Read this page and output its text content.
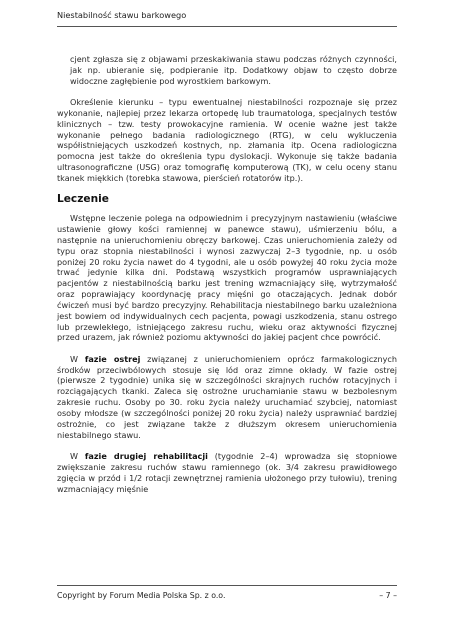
Niestabilność stawu barkowego

cjent zgłasza się z objawami przeskakiwania stawu podczas różnych czynności, jak np. ubieranie się, podpieranie itp. Dodatkowy objaw to często dobrze widoczne zagłębienie pod wyrostkiem barkowym.

Określenie kierunku – typu ewentualnej niestabilności rozpoznaje się przez wykonanie, najlepiej przez lekarza ortopedę lub traumatologa, specjalnych testów klinicznych – tzw. testy prowokacyjne ramienia. W ocenie ważne jest także wykonanie pełnego badania radiologicznego (RTG), w celu wykluczenia współistniejących uszkodzeń kostnych, np. złamania itp. Ocena radiologiczna pomocna jest także do określenia typu dyslokacji. Wykonuje się także badania ultrasonograficzne (USG) oraz tomografię komputerową (TK), w celu oceny stanu tkanek miękkich (torebka stawowa, pierścień rotatorów itp.).

Leczenie

Wstępne leczenie polega na odpowiednim i precyzyjnym nastawieniu (właściwe ustawienie głowy kości ramiennej w panewce stawu), uśmierzeniu bólu, a następnie na unieruchomieniu obręczy barkowej. Czas unieruchomienia zależy od typu oraz stopnia niestabilności i wynosi zazwyczaj 2–3 tygodnie, np. u osób poniżej 20 roku życia nawet do 4 tygodni, ale u osób powyżej 40 roku życia może trwać jedynie kilka dni. Podstawą wszystkich programów usprawniających pacjentów z niestabilnością barku jest trening wzmacniający siłę, wytrzymałość oraz poprawiający koordynację pracy mięśni go otaczających. Jednak dobór ćwiczeń musi być bardzo precyzyjny. Rehabilitacja niestabilnego barku uzależniona jest bowiem od indywidualnych cech pacjenta, powagi uszkodzenia, stanu ostrego lub przewlekłego, istniejącego zakresu ruchu, wieku oraz aktywności fizycznej przed urazem, jak również poziomu aktywności do jakiej pacjent chce powrócić.

W fazie ostrej związanej z unieruchomieniem oprócz farmakologicznych środków przeciwbólowych stosuje się lód oraz zimne okłady. W fazie ostrej (pierwsze 2 tygodnie) unika się w szczególności skrajnych ruchów rotacyjnych i rozciągających tkanki. Zaleca się ostrożne uruchamianie stawu w bezbolesnym zakresie ruchu. Osoby po 30. roku życia należy uruchamiać szybciej, natomiast osoby młodsze (w szczególności poniżej 20 roku życia) należy usprawniać bardziej ostrożnie, co jest związane także z dłuższym okresem unieruchomienia niestabilnego stawu.

W fazie drugiej rehabilitacji (tygodnie 2–4) wprowadza się stopniowe zwiększanie zakresu ruchów stawu ramiennego (ok. 3/4 zakresu prawidłowego zgięcia w przód i 1/2 rotacji zewnętrznej ramienia ułożonego przy tułowiu), trening wzmacniający mięśnie

Copyright by Forum Media Polska Sp. z o.o.	– 7 –
